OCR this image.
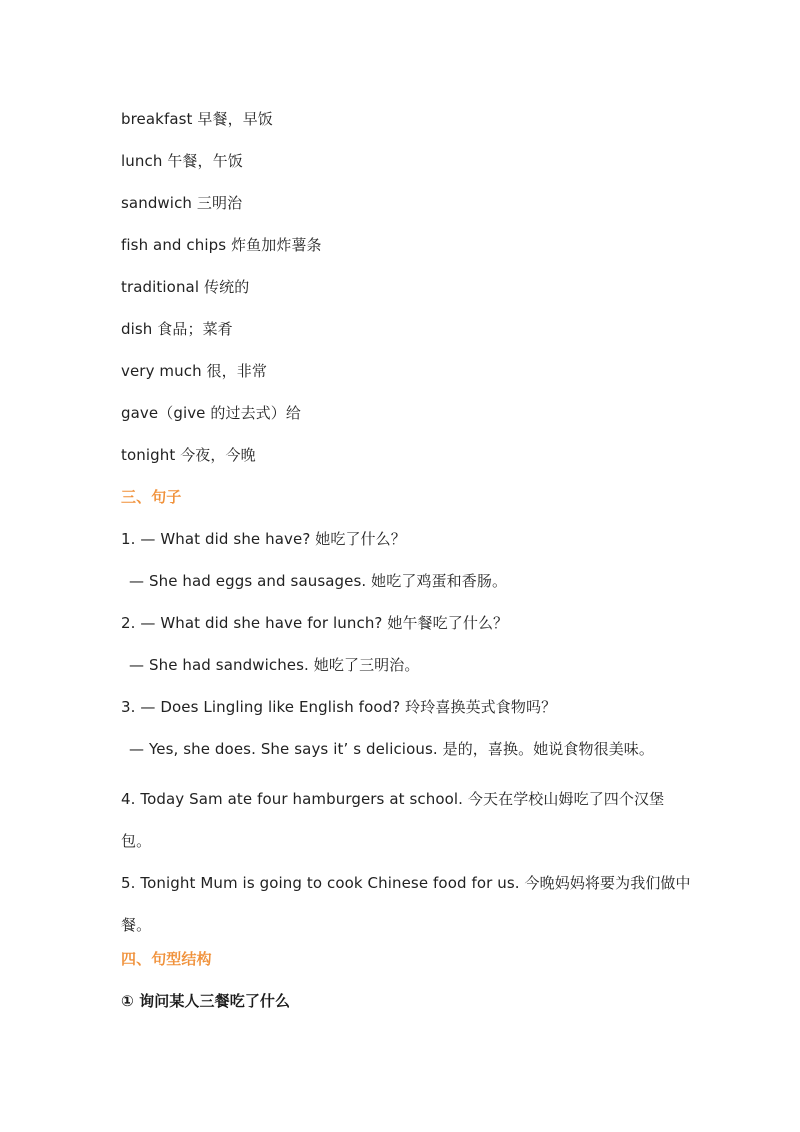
breakfast 早餐，早饭
lunch 午餐，午饭
sandwich 三明治
fish and chips 炸鱼加炸薯条
traditional 传统的
dish 食品；菜肴
very much 很，非常
gave（give 的过去式）给
tonight 今夜，今晚
三、句子
1. — What did she have? 她吃了什么？
— She had eggs and sausages. 她吃了鸡蛋和香肠。
2. — What did she have for lunch? 她午餐吃了什么？
— She had sandwiches. 她吃了三明治。
3. — Does Lingling like English food? 玲玲喜换英式食物吗？
— Yes, she does. She says it’ s delicious. 是的，喜换。她说食物很美味。
4. Today Sam ate four hamburgers at school. 今天在学校山姆吃了四个汉堡包。
5. Tonight Mum is going to cook Chinese food for us. 今晚妈妈将要为我们做中餐。
四、句型结构
① 询问某人三餐吃了什么
